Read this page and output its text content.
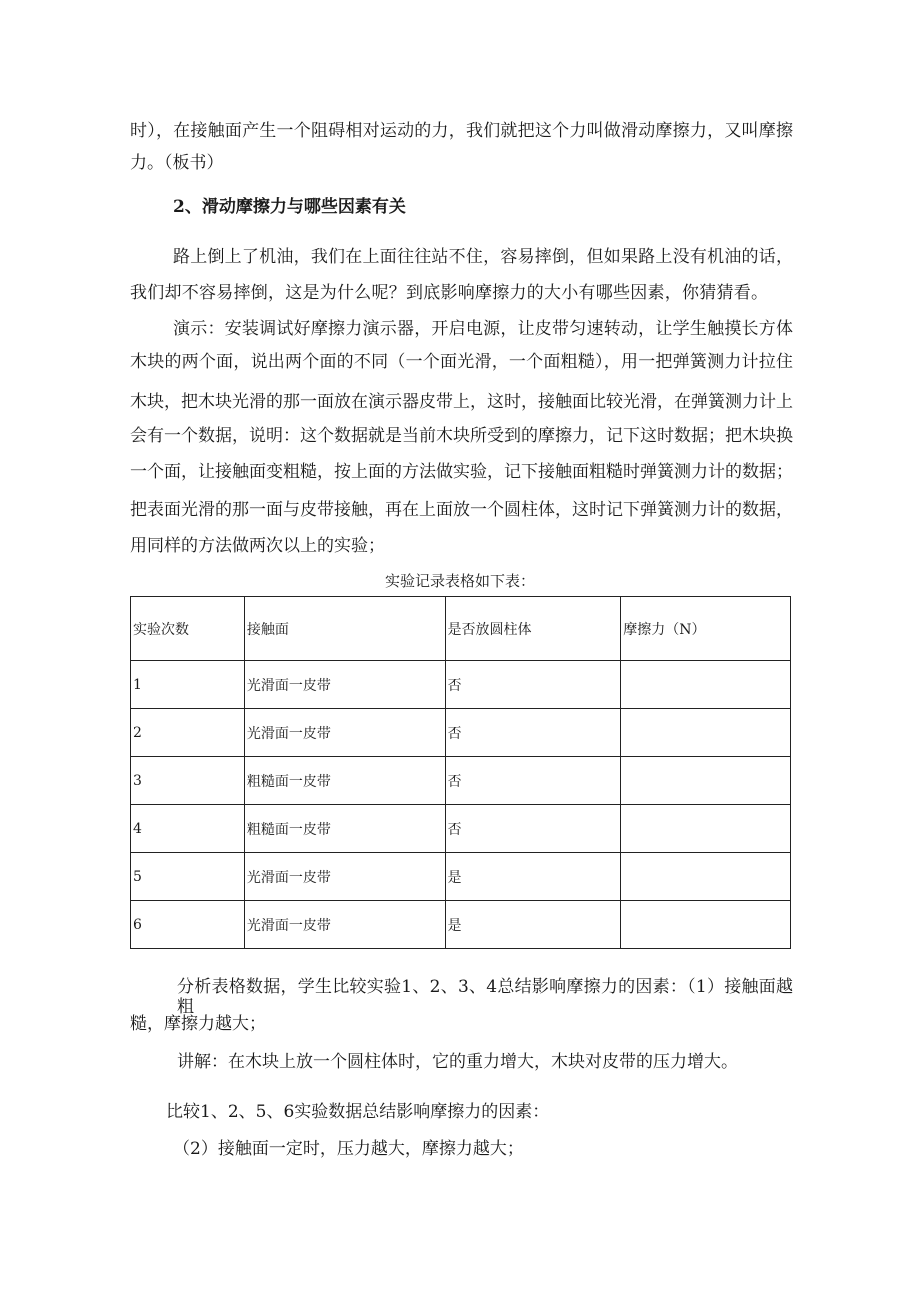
时），在接触面产生一个阻碍相对运动的力，我们就把这个力叫做滑动摩擦力，又叫摩擦
力。（板书）
2、滑动摩擦力与哪些因素有关
路上倒上了机油，我们在上面往往站不住，容易摔倒，但如果路上没有机油的话，
我们却不容易摔倒，这是为什么呢？到底影响摩擦力的大小有哪些因素，你猜猜看。
演示：安装调试好摩擦力演示器，开启电源，让皮带匀速转动，让学生触摸长方体
木块的两个面，说出两个面的不同（一个面光滑，一个面粗糙），用一把弹簧测力计拉住
木块，把木块光滑的那一面放在演示器皮带上，这时，接触面比较光滑，在弹簧测力计上
会有一个数据，说明：这个数据就是当前木块所受到的摩擦力，记下这时数据；把木块换
一个面，让接触面变粗糙，按上面的方法做实验，记下接触面粗糙时弹簧测力计的数据；
把表面光滑的那一面与皮带接触，再在上面放一个圆柱体，这时记下弹簧测力计的数据，
用同样的方法做两次以上的实验；
实验记录表格如下表：
实验次数	接触面	是否放圆柱体	摩擦力（N）
1	光滑面一皮带	否	
2	光滑面一皮带	否	
3	粗糙面一皮带	否	
4	粗糙面一皮带	否	
5	光滑面一皮带	是	
6	光滑面一皮带	是	
分析表格数据，学生比较实验1、2、3、4总结影响摩擦力的因素：（1）接触面越粗
糙，摩擦力越大；
讲解：在木块上放一个圆柱体时，它的重力增大，木块对皮带的压力增大。
比较1、2、5、6实验数据总结影响摩擦力的因素：
（2）接触面一定时，压力越大，摩擦力越大；
